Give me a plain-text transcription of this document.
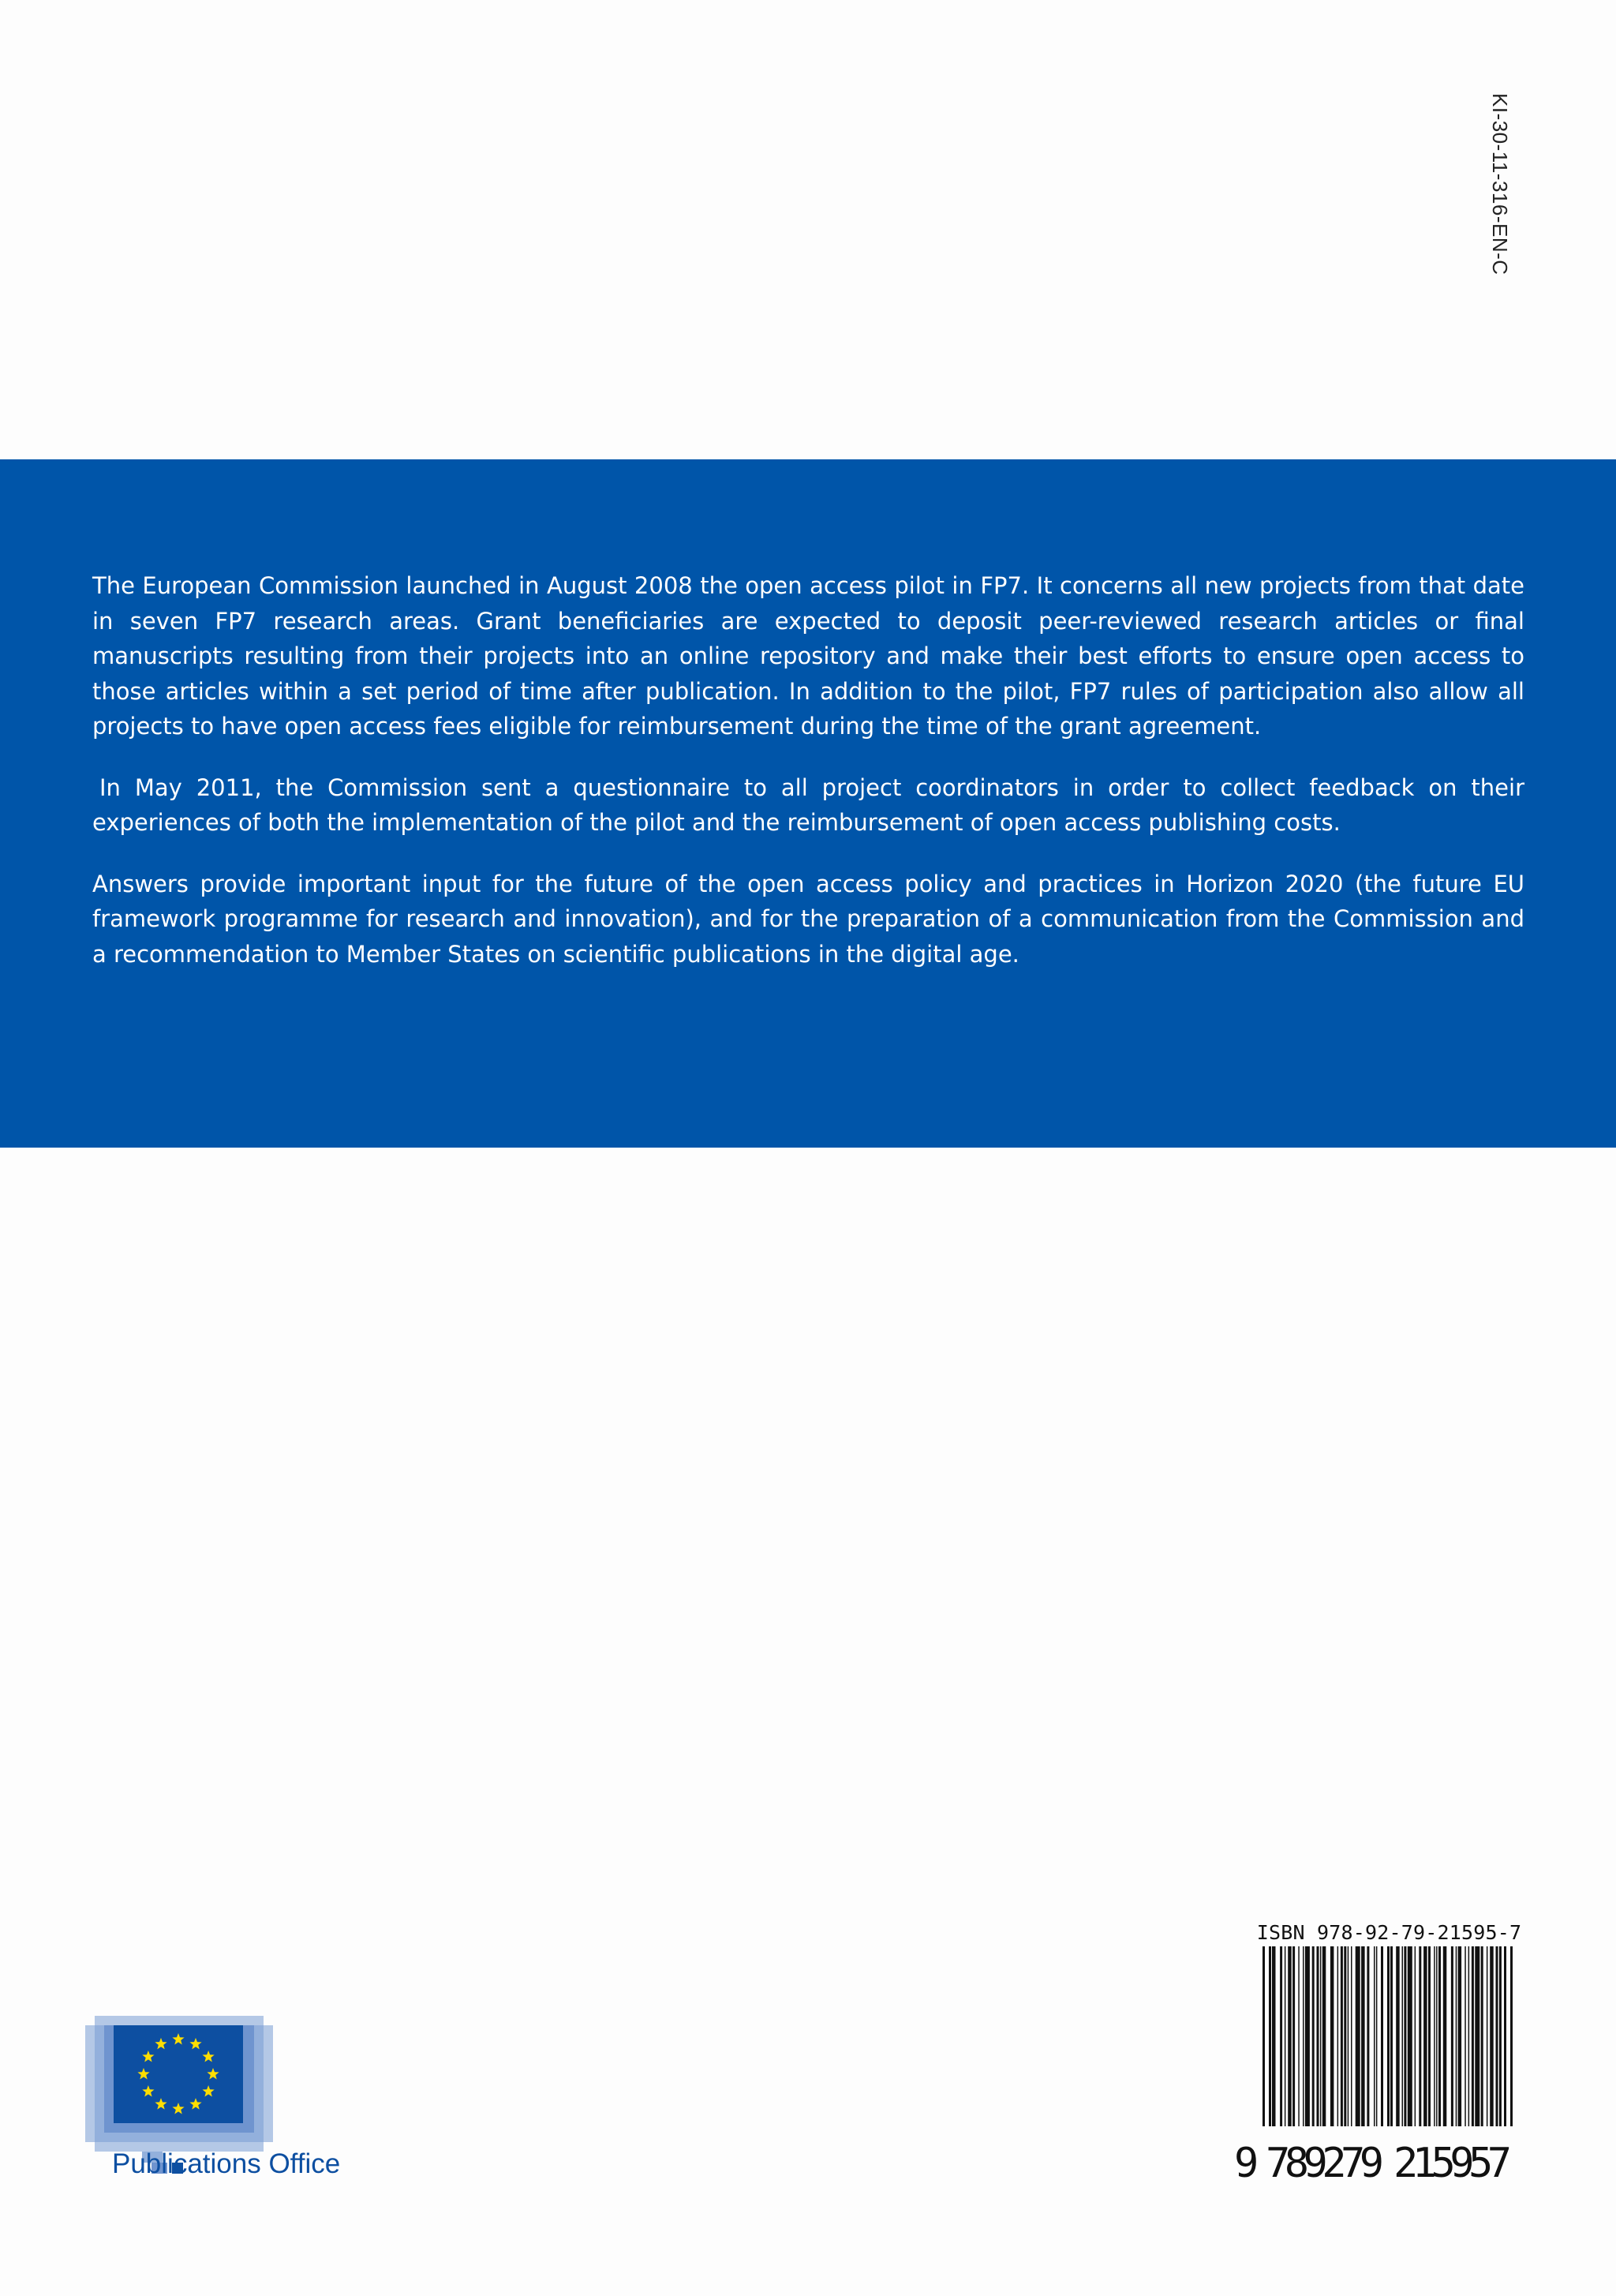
KI-30-11-316-EN-C

The European Commission launched in August 2008 the open access pilot in FP7. It concerns all new projects from that date in seven FP7 research areas. Grant beneficiaries are expected to deposit peer-reviewed research articles or final manuscripts resulting from their projects into an online repository and make their best efforts to ensure open access to those articles within a set period of time after publication. In addition to the pilot, FP7 rules of participation also allow all projects to have open access fees eligible for reimbursement during the time of the grant agreement.

In May 2011, the Commission sent a questionnaire to all project coordinators in order to collect feedback on their experiences of both the implementation of the pilot and the reimbursement of open access publishing costs.

Answers provide important input for the future of the open access policy and practices in Horizon 2020 (the future EU framework programme for research and innovation), and for the preparation of a communication from the Commission and a recommendation to Member States on scientific publications in the digital age.

Publications Office
ISBN 978-92-79-21595-7
9 789279 215957
